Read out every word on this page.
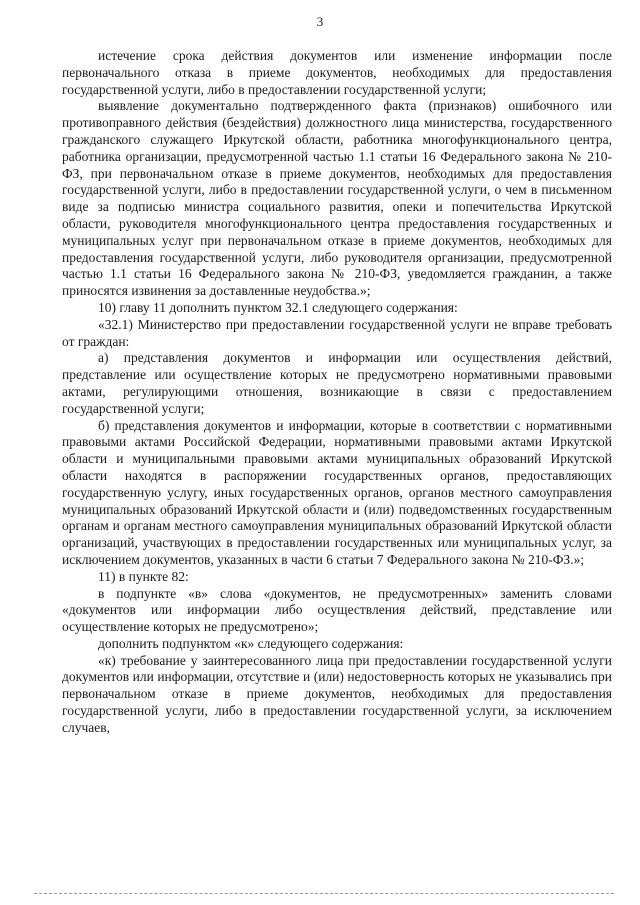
3

истечение срока действия документов или изменение информации после первоначального отказа в приеме документов, необходимых для предоставления государственной услуги, либо в предоставлении государственной услуги;

выявление документально подтвержденного факта (признаков) ошибочного или противоправного действия (бездействия) должностного лица министерства, государственного гражданского служащего Иркутской области, работника многофункционального центра, работника организации, предусмотренной частью 1.1 статьи 16 Федерального закона № 210-ФЗ, при первоначальном отказе в приеме документов, необходимых для предоставления государственной услуги, либо в предоставлении государственной услуги, о чем в письменном виде за подписью министра социального развития, опеки и попечительства Иркутской области, руководителя многофункционального центра предоставления государственных и муниципальных услуг при первоначальном отказе в приеме документов, необходимых для предоставления государственной услуги, либо руководителя организации, предусмотренной частью 1.1 статьи 16 Федерального закона № 210-ФЗ, уведомляется гражданин, а также приносятся извинения за доставленные неудобства.»;

10) главу 11 дополнить пунктом 32.1 следующего содержания:

«32.1) Министерство при предоставлении государственной услуги не вправе требовать от граждан:

а) представления документов и информации или осуществления действий, представление или осуществление которых не предусмотрено нормативными правовыми актами, регулирующими отношения, возникающие в связи с предоставлением государственной услуги;

б) представления документов и информации, которые в соответствии с нормативными правовыми актами Российской Федерации, нормативными правовыми актами Иркутской области и муниципальными правовыми актами муниципальных образований Иркутской области находятся в распоряжении государственных органов, предоставляющих государственную услугу, иных государственных органов, органов местного самоуправления муниципальных образований Иркутской области и (или) подведомственных государственным органам и органам местного самоуправления муниципальных образований Иркутской области организаций, участвующих в предоставлении государственных или муниципальных услуг, за исключением документов, указанных в части 6 статьи 7 Федерального закона № 210-ФЗ.»;

11) в пункте 82:

в подпункте «в» слова «документов, не предусмотренных» заменить словами «документов или информации либо осуществления действий, представление или осуществление которых не предусмотрено»;

дополнить подпунктом «к» следующего содержания:

«к) требование у заинтересованного лица при предоставлении государственной услуги документов или информации, отсутствие и (или) недостоверность которых не указывались при первоначальном отказе в приеме документов, необходимых для предоставления государственной услуги, либо в предоставлении государственной услуги, за исключением случаев,
